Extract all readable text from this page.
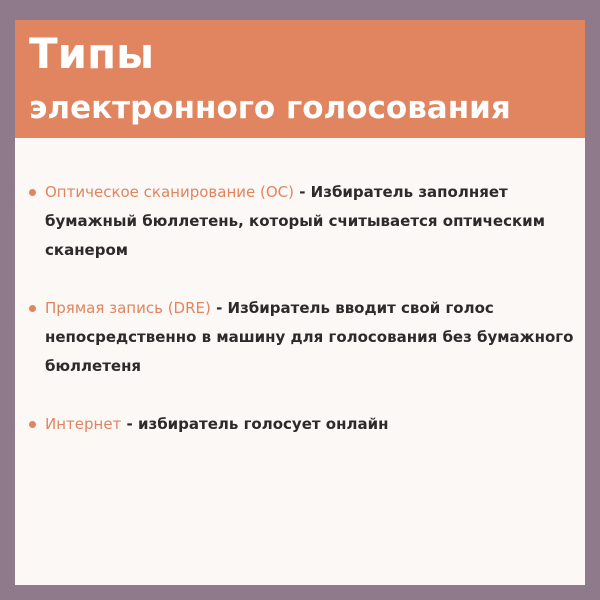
Типы
электронного голосования
Оптическое сканирование (ОС) - Избиратель заполняет бумажный бюллетень, который считывается оптическим сканером
Прямая запись (DRE) - Избиратель вводит свой голос непосредственно в машину для голосования без бумажного бюллетеня
Интернет - избиратель голосует онлайн
